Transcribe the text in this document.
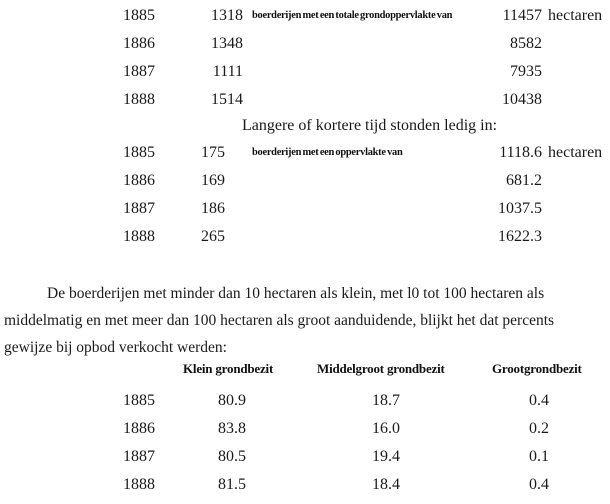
1885	1318 boerderijen met een totale grondoppervlakte van	11457 hectaren
1886	1348	8582
1887	1111	7935
1888	1514	10438
Langere of kortere tijd stonden ledig in:
1885	175 boerderijen met een oppervlakte van	1118.6 hectaren
1886	169	681.2
1887	186	1037.5
1888	265	1622.3
De boerderijen met minder dan 10 hectaren als klein, met l0 tot 100 hectaren als
middelmatig en met meer dan 100 hectaren als groot aanduidende, blijkt het dat percents
gewijze bij opbod verkocht werden:
Klein grondbezit	Middelgroot grondbezit	Grootgrondbezit
1885	80.9	18.7	0.4
1886	83.8	16.0	0.2
1887	80.5	19.4	0.1
1888	81.5	18.4	0.4
